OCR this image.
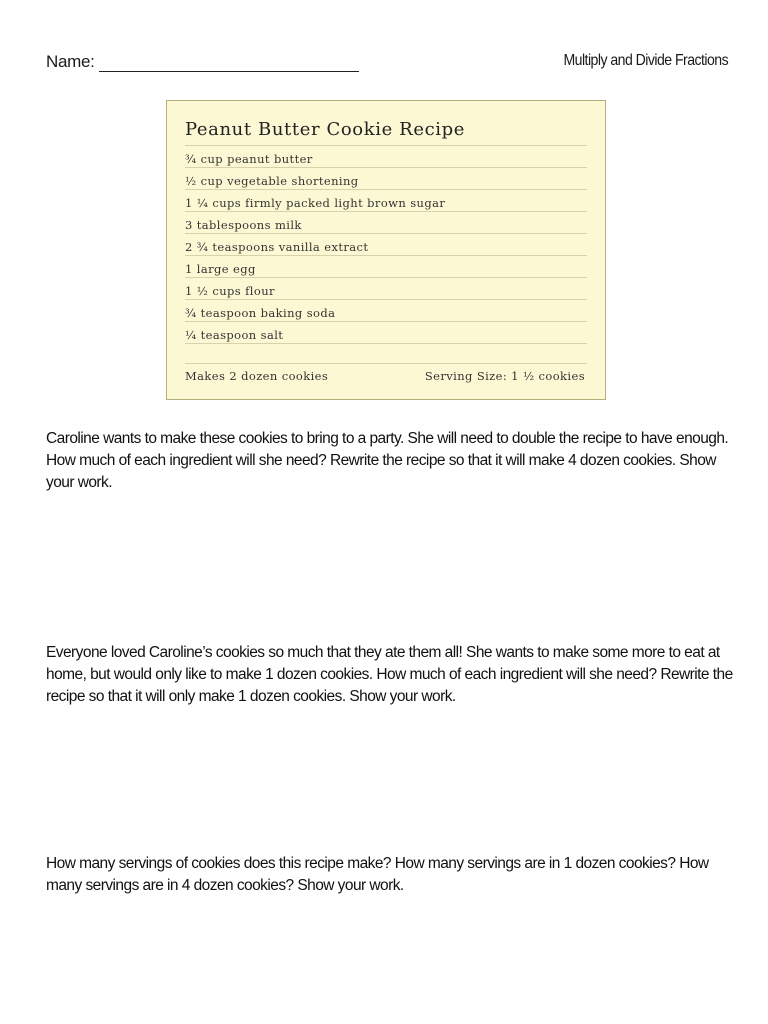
Name:	Multiply and Divide Fractions
Peanut Butter Cookie Recipe
¾ cup peanut butter
½ cup vegetable shortening
1 ¼ cups firmly packed light brown sugar
3 tablespoons milk
2 ¾ teaspoons vanilla extract
1 large egg
1 ½ cups flour
¾ teaspoon baking soda
¼ teaspoon salt
Makes 2 dozen cookies	Serving Size: 1 ½ cookies
Caroline wants to make these cookies to bring to a party. She will need to double the recipe to have enough. How much of each ingredient will she need? Rewrite the recipe so that it will make 4 dozen cookies. Show your work.
Everyone loved Caroline’s cookies so much that they ate them all! She wants to make some more to eat at home, but would only like to make 1 dozen cookies. How much of each ingredient will she need? Rewrite the recipe so that it will only make 1 dozen cookies. Show your work.
How many servings of cookies does this recipe make? How many servings are in 1 dozen cookies? How many servings are in 4 dozen cookies? Show your work.
